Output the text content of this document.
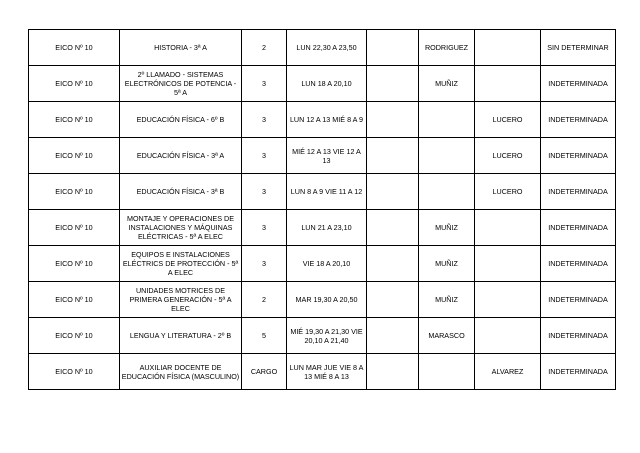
EICO Nº 10	HISTORIA - 3ª A	2	LUN 22,30 A 23,50		RODRIGUEZ		SIN DETERMINAR
EICO Nº 10	2º LLAMADO - SISTEMAS ELECTRÓNICOS DE POTENCIA - 5ª A	3	LUN 18 A 20,10		MUÑIZ		INDETERMINADA
EICO Nº 10	EDUCACIÓN FÍSICA - 6º B	3	LUN 12 A 13 MIÉ 8 A 9			LUCERO	INDETERMINADA
EICO Nº 10	EDUCACIÓN FÍSICA - 3ª A	3	MIÉ 12 A 13 VIE 12 A 13			LUCERO	INDETERMINADA
EICO Nº 10	EDUCACIÓN FÍSICA - 3ª B	3	LUN 8 A 9 VIE 11 A 12			LUCERO	INDETERMINADA
EICO Nº 10	MONTAJE Y OPERACIONES DE INSTALACIONES Y MÁQUINAS ELÉCTRICAS - 5ª A ELEC	3	LUN 21 A 23,10		MUÑIZ		INDETERMINADA
EICO Nº 10	EQUIPOS E INSTALACIONES ELÉCTRICS DE PROTECCIÓN - 5ª A ELEC	3	VIE 18 A 20,10		MUÑIZ		INDETERMINADA
EICO Nº 10	UNIDADES MOTRICES DE PRIMERA GENERACIÓN - 5ª A ELEC	2	MAR 19,30 A 20,50		MUÑIZ		INDETERMINADA
EICO Nº 10	LENGUA Y LITERATURA - 2º B	5	MIÉ 19,30 A 21,30 VIE 20,10 A 21,40		MARASCO		INDETERMINADA
EICO Nº 10	AUXILIAR DOCENTE DE EDUCACIÓN FÍSICA (MASCULINO)	CARGO	LUN MAR JUE VIE 8 A 13 MIÉ 8 A 13			ALVAREZ	INDETERMINADA
